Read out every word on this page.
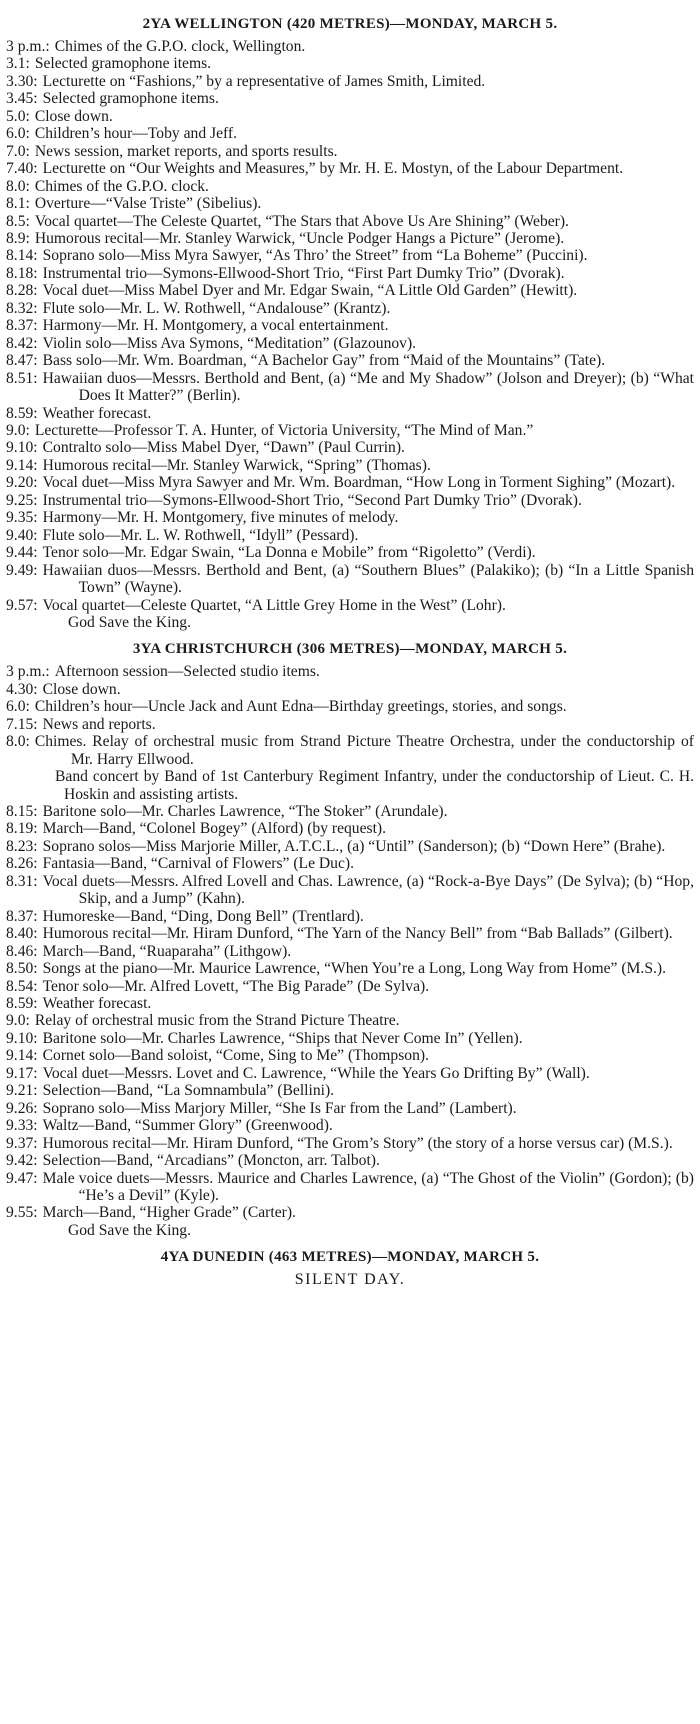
2YA WELLINGTON (420 METRES)—MONDAY, MARCH 5.
3 p.m.: Chimes of the G.P.O. clock, Wellington.
3.1: Selected gramophone items.
3.30: Lecturette on “Fashions,” by a representative of James Smith, Limited.
3.45: Selected gramophone items.
5.0: Close down.
6.0: Children’s hour—Toby and Jeff.
7.0: News session, market reports, and sports results.
7.40: Lecturette on “Our Weights and Measures,” by Mr. H. E. Mostyn, of the Labour Department.
8.0: Chimes of the G.P.O. clock.
8.1: Overture—“Valse Triste” (Sibelius).
8.5: Vocal quartet—The Celeste Quartet, “The Stars that Above Us Are Shining” (Weber).
8.9: Humorous recital—Mr. Stanley Warwick, “Uncle Podger Hangs a Picture” (Jerome).
8.14: Soprano solo—Miss Myra Sawyer, “As Thro’ the Street” from “La Boheme” (Puccini).
8.18: Instrumental trio—Symons-Ellwood-Short Trio, “First Part Dumky Trio” (Dvorak).
8.28: Vocal duet—Miss Mabel Dyer and Mr. Edgar Swain, “A Little Old Garden” (Hewitt).
8.32: Flute solo—Mr. L. W. Rothwell, “Andalouse” (Krantz).
8.37: Harmony—Mr. H. Montgomery, a vocal entertainment.
8.42: Violin solo—Miss Ava Symons, “Meditation” (Glazounov).
8.47: Bass solo—Mr. Wm. Boardman, “A Bachelor Gay” from “Maid of the Mountains” (Tate).
8.51: Hawaiian duos—Messrs. Berthold and Bent, (a) “Me and My Shadow” (Jolson and Dreyer); (b) “What Does It Matter?” (Berlin).
8.59: Weather forecast.
9.0: Lecturette—Professor T. A. Hunter, of Victoria University, “The Mind of Man.”
9.10: Contralto solo—Miss Mabel Dyer, “Dawn” (Paul Currin).
9.14: Humorous recital—Mr. Stanley Warwick, “Spring” (Thomas).
9.20: Vocal duet—Miss Myra Sawyer and Mr. Wm. Boardman, “How Long in Torment Sighing” (Mozart).
9.25: Instrumental trio—Symons-Ellwood-Short Trio, “Second Part Dumky Trio” (Dvorak).
9.35: Harmony—Mr. H. Montgomery, five minutes of melody.
9.40: Flute solo—Mr. L. W. Rothwell, “Idyll” (Pessard).
9.44: Tenor solo—Mr. Edgar Swain, “La Donna e Mobile” from “Rigoletto” (Verdi).
9.49: Hawaiian duos—Messrs. Berthold and Bent, (a) “Southern Blues” (Palakiko); (b) “In a Little Spanish Town” (Wayne).
9.57: Vocal quartet—Celeste Quartet, “A Little Grey Home in the West” (Lohr).
God Save the King.
3YA CHRISTCHURCH (306 METRES)—MONDAY, MARCH 5.
3 p.m.: Afternoon session—Selected studio items.
4.30: Close down.
6.0: Children’s hour—Uncle Jack and Aunt Edna—Birthday greetings, stories, and songs.
7.15: News and reports.
8.0: Chimes. Relay of orchestral music from Strand Picture Theatre Orchestra, under the conductorship of Mr. Harry Ellwood.
Band concert by Band of 1st Canterbury Regiment Infantry, under the conductorship of Lieut. C. H. Hoskin and assisting artists.
8.15: Baritone solo—Mr. Charles Lawrence, “The Stoker” (Arundale).
8.19: March—Band, “Colonel Bogey” (Alford) (by request).
8.23: Soprano solos—Miss Marjorie Miller, A.T.C.L., (a) “Until” (Sanderson); (b) “Down Here” (Brahe).
8.26: Fantasia—Band, “Carnival of Flowers” (Le Duc).
8.31: Vocal duets—Messrs. Alfred Lovell and Chas. Lawrence, (a) “Rock-a-Bye Days” (De Sylva); (b) “Hop, Skip, and a Jump” (Kahn).
8.37: Humoreske—Band, “Ding, Dong Bell” (Trentlard).
8.40: Humorous recital—Mr. Hiram Dunford, “The Yarn of the Nancy Bell” from “Bab Ballads” (Gilbert).
8.46: March—Band, “Ruaparaha” (Lithgow).
8.50: Songs at the piano—Mr. Maurice Lawrence, “When You’re a Long, Long Way from Home” (M.S.).
8.54: Tenor solo—Mr. Alfred Lovett, “The Big Parade” (De Sylva).
8.59: Weather forecast.
9.0: Relay of orchestral music from the Strand Picture Theatre.
9.10: Baritone solo—Mr. Charles Lawrence, “Ships that Never Come In” (Yellen).
9.14: Cornet solo—Band soloist, “Come, Sing to Me” (Thompson).
9.17: Vocal duet—Messrs. Lovet and C. Lawrence, “While the Years Go Drifting By” (Wall).
9.21: Selection—Band, “La Somnambula” (Bellini).
9.26: Soprano solo—Miss Marjory Miller, “She Is Far from the Land” (Lambert).
9.33: Waltz—Band, “Summer Glory” (Greenwood).
9.37: Humorous recital—Mr. Hiram Dunford, “The Grom’s Story” (the story of a horse versus car) (M.S.).
9.42: Selection—Band, “Arcadians” (Moncton, arr. Talbot).
9.47: Male voice duets—Messrs. Maurice and Charles Lawrence, (a) “The Ghost of the Violin” (Gordon); (b) “He’s a Devil” (Kyle).
9.55: March—Band, “Higher Grade” (Carter).
God Save the King.
4YA DUNEDIN (463 METRES)—MONDAY, MARCH 5.
SILENT DAY.
